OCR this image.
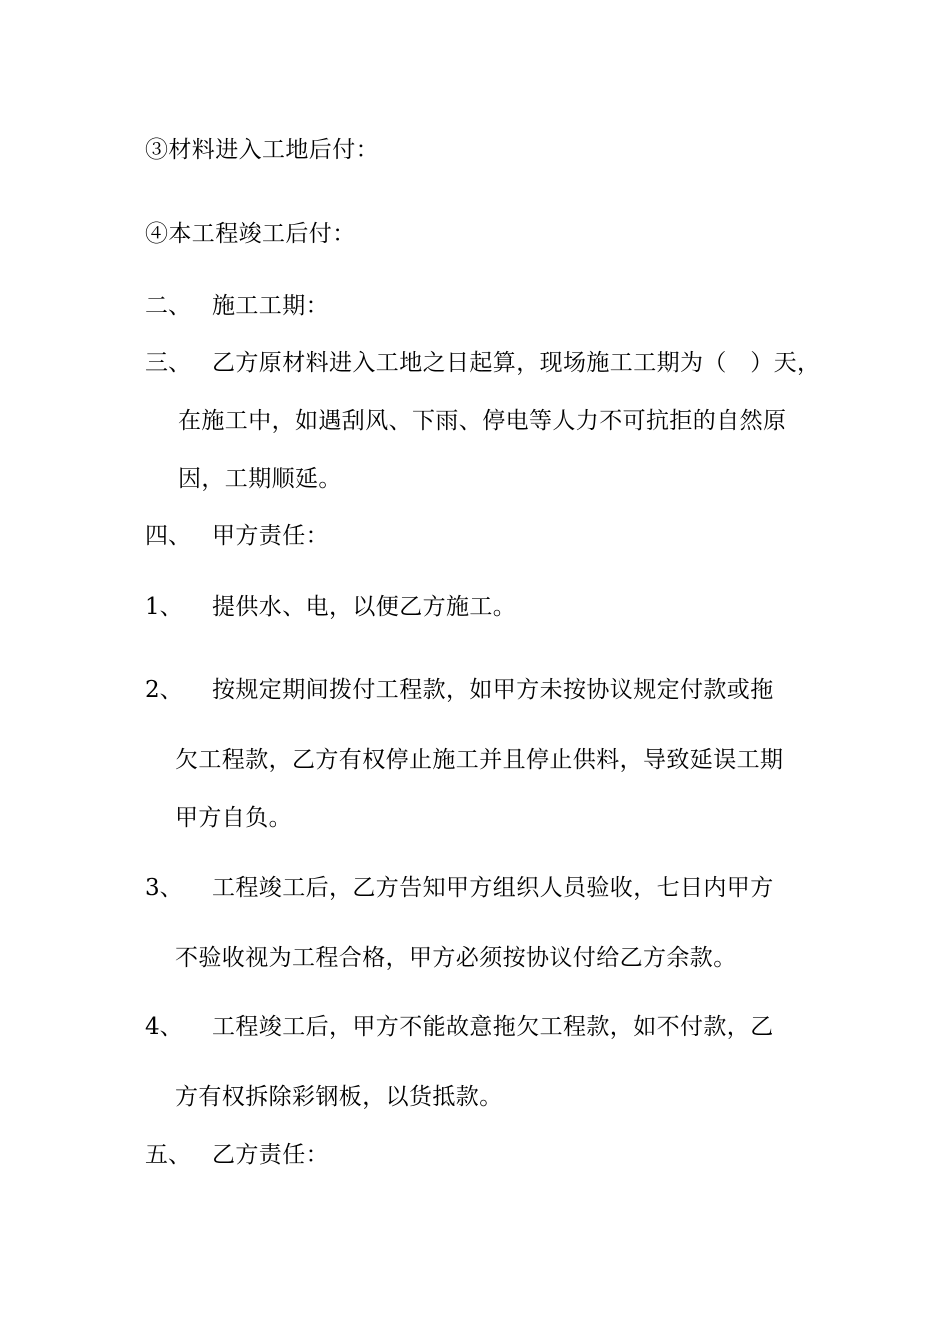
③材料进入工地后付：
④本工程竣工后付：
二、 施工工期：
三、 乙方原材料进入工地之日起算，现场施工工期为（　）天，
在施工中，如遇刮风、下雨、停电等人力不可抗拒的自然原
因，工期顺延。
四、 甲方责任：
1、 提供水、电，以便乙方施工。
2、 按规定期间拨付工程款，如甲方未按协议规定付款或拖
欠工程款，乙方有权停止施工并且停止供料，导致延误工期
甲方自负。
3、 工程竣工后，乙方告知甲方组织人员验收，七日内甲方
不验收视为工程合格，甲方必须按协议付给乙方余款。
4、 工程竣工后，甲方不能故意拖欠工程款，如不付款，乙
方有权拆除彩钢板，以货抵款。
五、 乙方责任：
